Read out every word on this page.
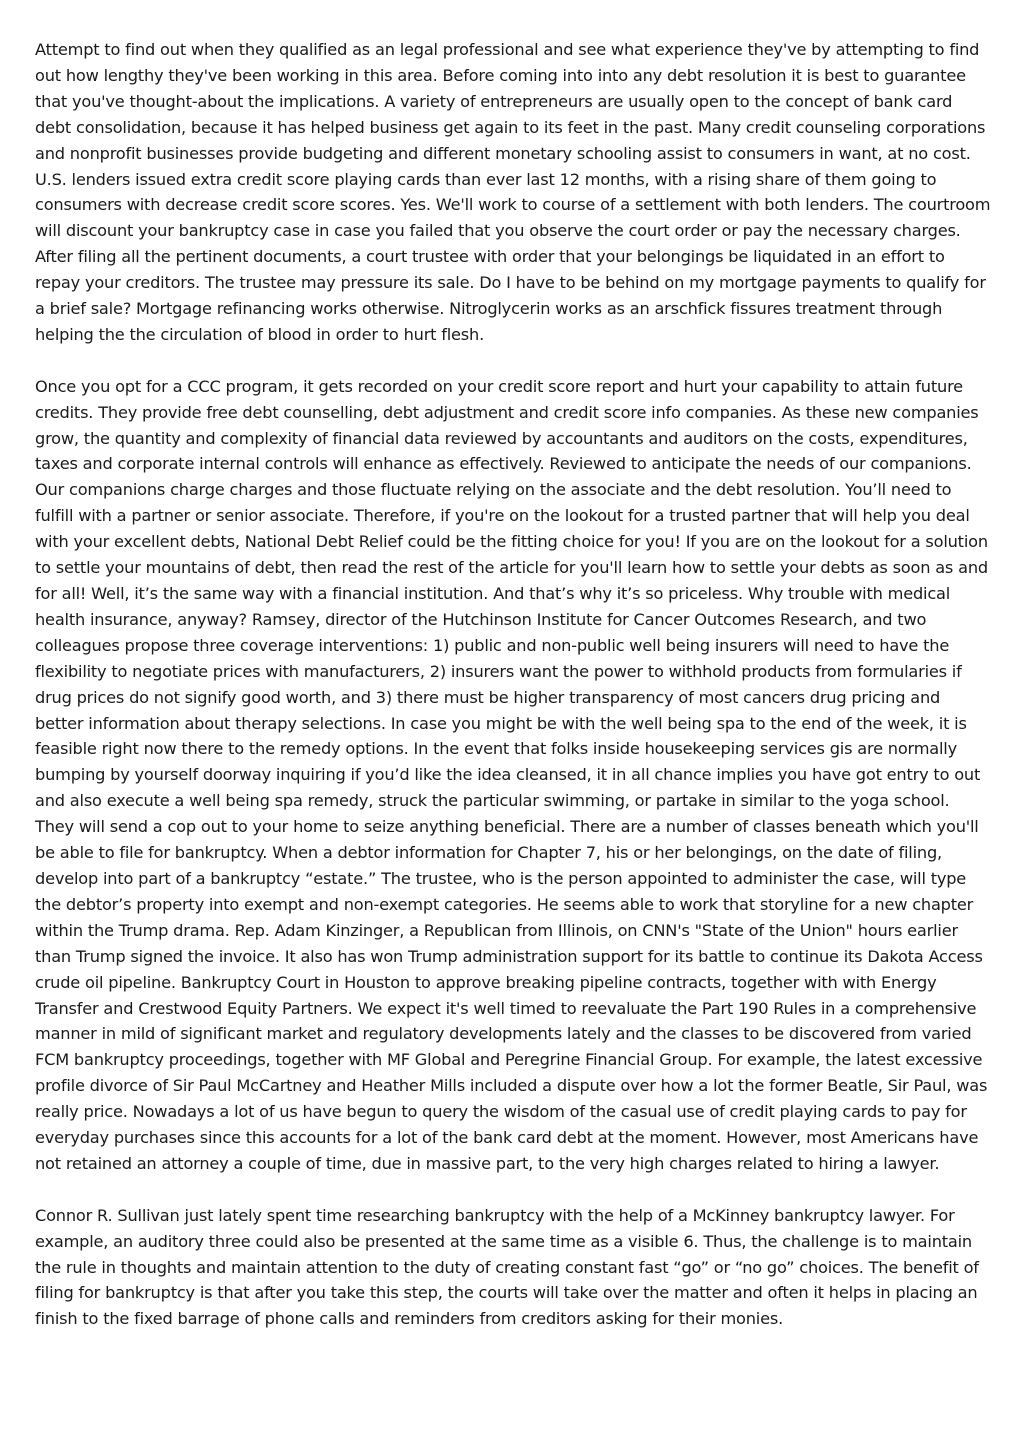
Attempt to find out when they qualified as an legal professional and see what experience they've by attempting to find out how lengthy they've been working in this area. Before coming into into any debt resolution it is best to guarantee that you've thought-about the implications. A variety of entrepreneurs are usually open to the concept of bank card debt consolidation, because it has helped business get again to its feet in the past. Many credit counseling corporations and nonprofit businesses provide budgeting and different monetary schooling assist to consumers in want, at no cost. U.S. lenders issued extra credit score playing cards than ever last 12 months, with a rising share of them going to consumers with decrease credit score scores. Yes. We'll work to course of a settlement with both lenders. The courtroom will discount your bankruptcy case in case you failed that you observe the court order or pay the necessary charges. After filing all the pertinent documents, a court trustee with order that your belongings be liquidated in an effort to repay your creditors. The trustee may pressure its sale. Do I have to be behind on my mortgage payments to qualify for a brief sale? Mortgage refinancing works otherwise. Nitroglycerin works as an arschfick fissures treatment through helping the the circulation of blood in order to hurt flesh.

Once you opt for a CCC program, it gets recorded on your credit score report and hurt your capability to attain future credits. They provide free debt counselling, debt adjustment and credit score info companies. As these new companies grow, the quantity and complexity of financial data reviewed by accountants and auditors on the costs, expenditures, taxes and corporate internal controls will enhance as effectively. Reviewed to anticipate the needs of our companions. Our companions charge charges and those fluctuate relying on the associate and the debt resolution. You’ll need to fulfill with a partner or senior associate. Therefore, if you're on the lookout for a trusted partner that will help you deal with your excellent debts, National Debt Relief could be the fitting choice for you! If you are on the lookout for a solution to settle your mountains of debt, then read the rest of the article for you'll learn how to settle your debts as soon as and for all! Well, it’s the same way with a financial institution. And that’s why it’s so priceless. Why trouble with medical health insurance, anyway? Ramsey, director of the Hutchinson Institute for Cancer Outcomes Research, and two colleagues propose three coverage interventions: 1) public and non-public well being insurers will need to have the flexibility to negotiate prices with manufacturers, 2) insurers want the power to withhold products from formularies if drug prices do not signify good worth, and 3) there must be higher transparency of most cancers drug pricing and better information about therapy selections. In case you might be with the well being spa to the end of the week, it is feasible right now there to the remedy options. In the event that folks inside housekeeping services gis are normally bumping by yourself doorway inquiring if you’d like the idea cleansed, it in all chance implies you have got entry to out and also execute a well being spa remedy, struck the particular swimming, or partake in similar to the yoga school. They will send a cop out to your home to seize anything beneficial. There are a number of classes beneath which you'll be able to file for bankruptcy. When a debtor information for Chapter 7, his or her belongings, on the date of filing, develop into part of a bankruptcy “estate.” The trustee, who is the person appointed to administer the case, will type the debtor’s property into exempt and non-exempt categories. He seems able to work that storyline for a new chapter within the Trump drama. Rep. Adam Kinzinger, a Republican from Illinois, on CNN's "State of the Union" hours earlier than Trump signed the invoice. It also has won Trump administration support for its battle to continue its Dakota Access crude oil pipeline. Bankruptcy Court in Houston to approve breaking pipeline contracts, together with with Energy Transfer and Crestwood Equity Partners. We expect it's well timed to reevaluate the Part 190 Rules in a comprehensive manner in mild of significant market and regulatory developments lately and the classes to be discovered from varied FCM bankruptcy proceedings, together with MF Global and Peregrine Financial Group. For example, the latest excessive profile divorce of Sir Paul McCartney and Heather Mills included a dispute over how a lot the former Beatle, Sir Paul, was really price. Nowadays a lot of us have begun to query the wisdom of the casual use of credit playing cards to pay for everyday purchases since this accounts for a lot of the bank card debt at the moment. However, most Americans have not retained an attorney a couple of time, due in massive part, to the very high charges related to hiring a lawyer.

Connor R. Sullivan just lately spent time researching bankruptcy with the help of a McKinney bankruptcy lawyer. For example, an auditory three could also be presented at the same time as a visible 6. Thus, the challenge is to maintain the rule in thoughts and maintain attention to the duty of creating constant fast “go” or “no go” choices. The benefit of filing for bankruptcy is that after you take this step, the courts will take over the matter and often it helps in placing an finish to the fixed barrage of phone calls and reminders from creditors asking for their monies.
